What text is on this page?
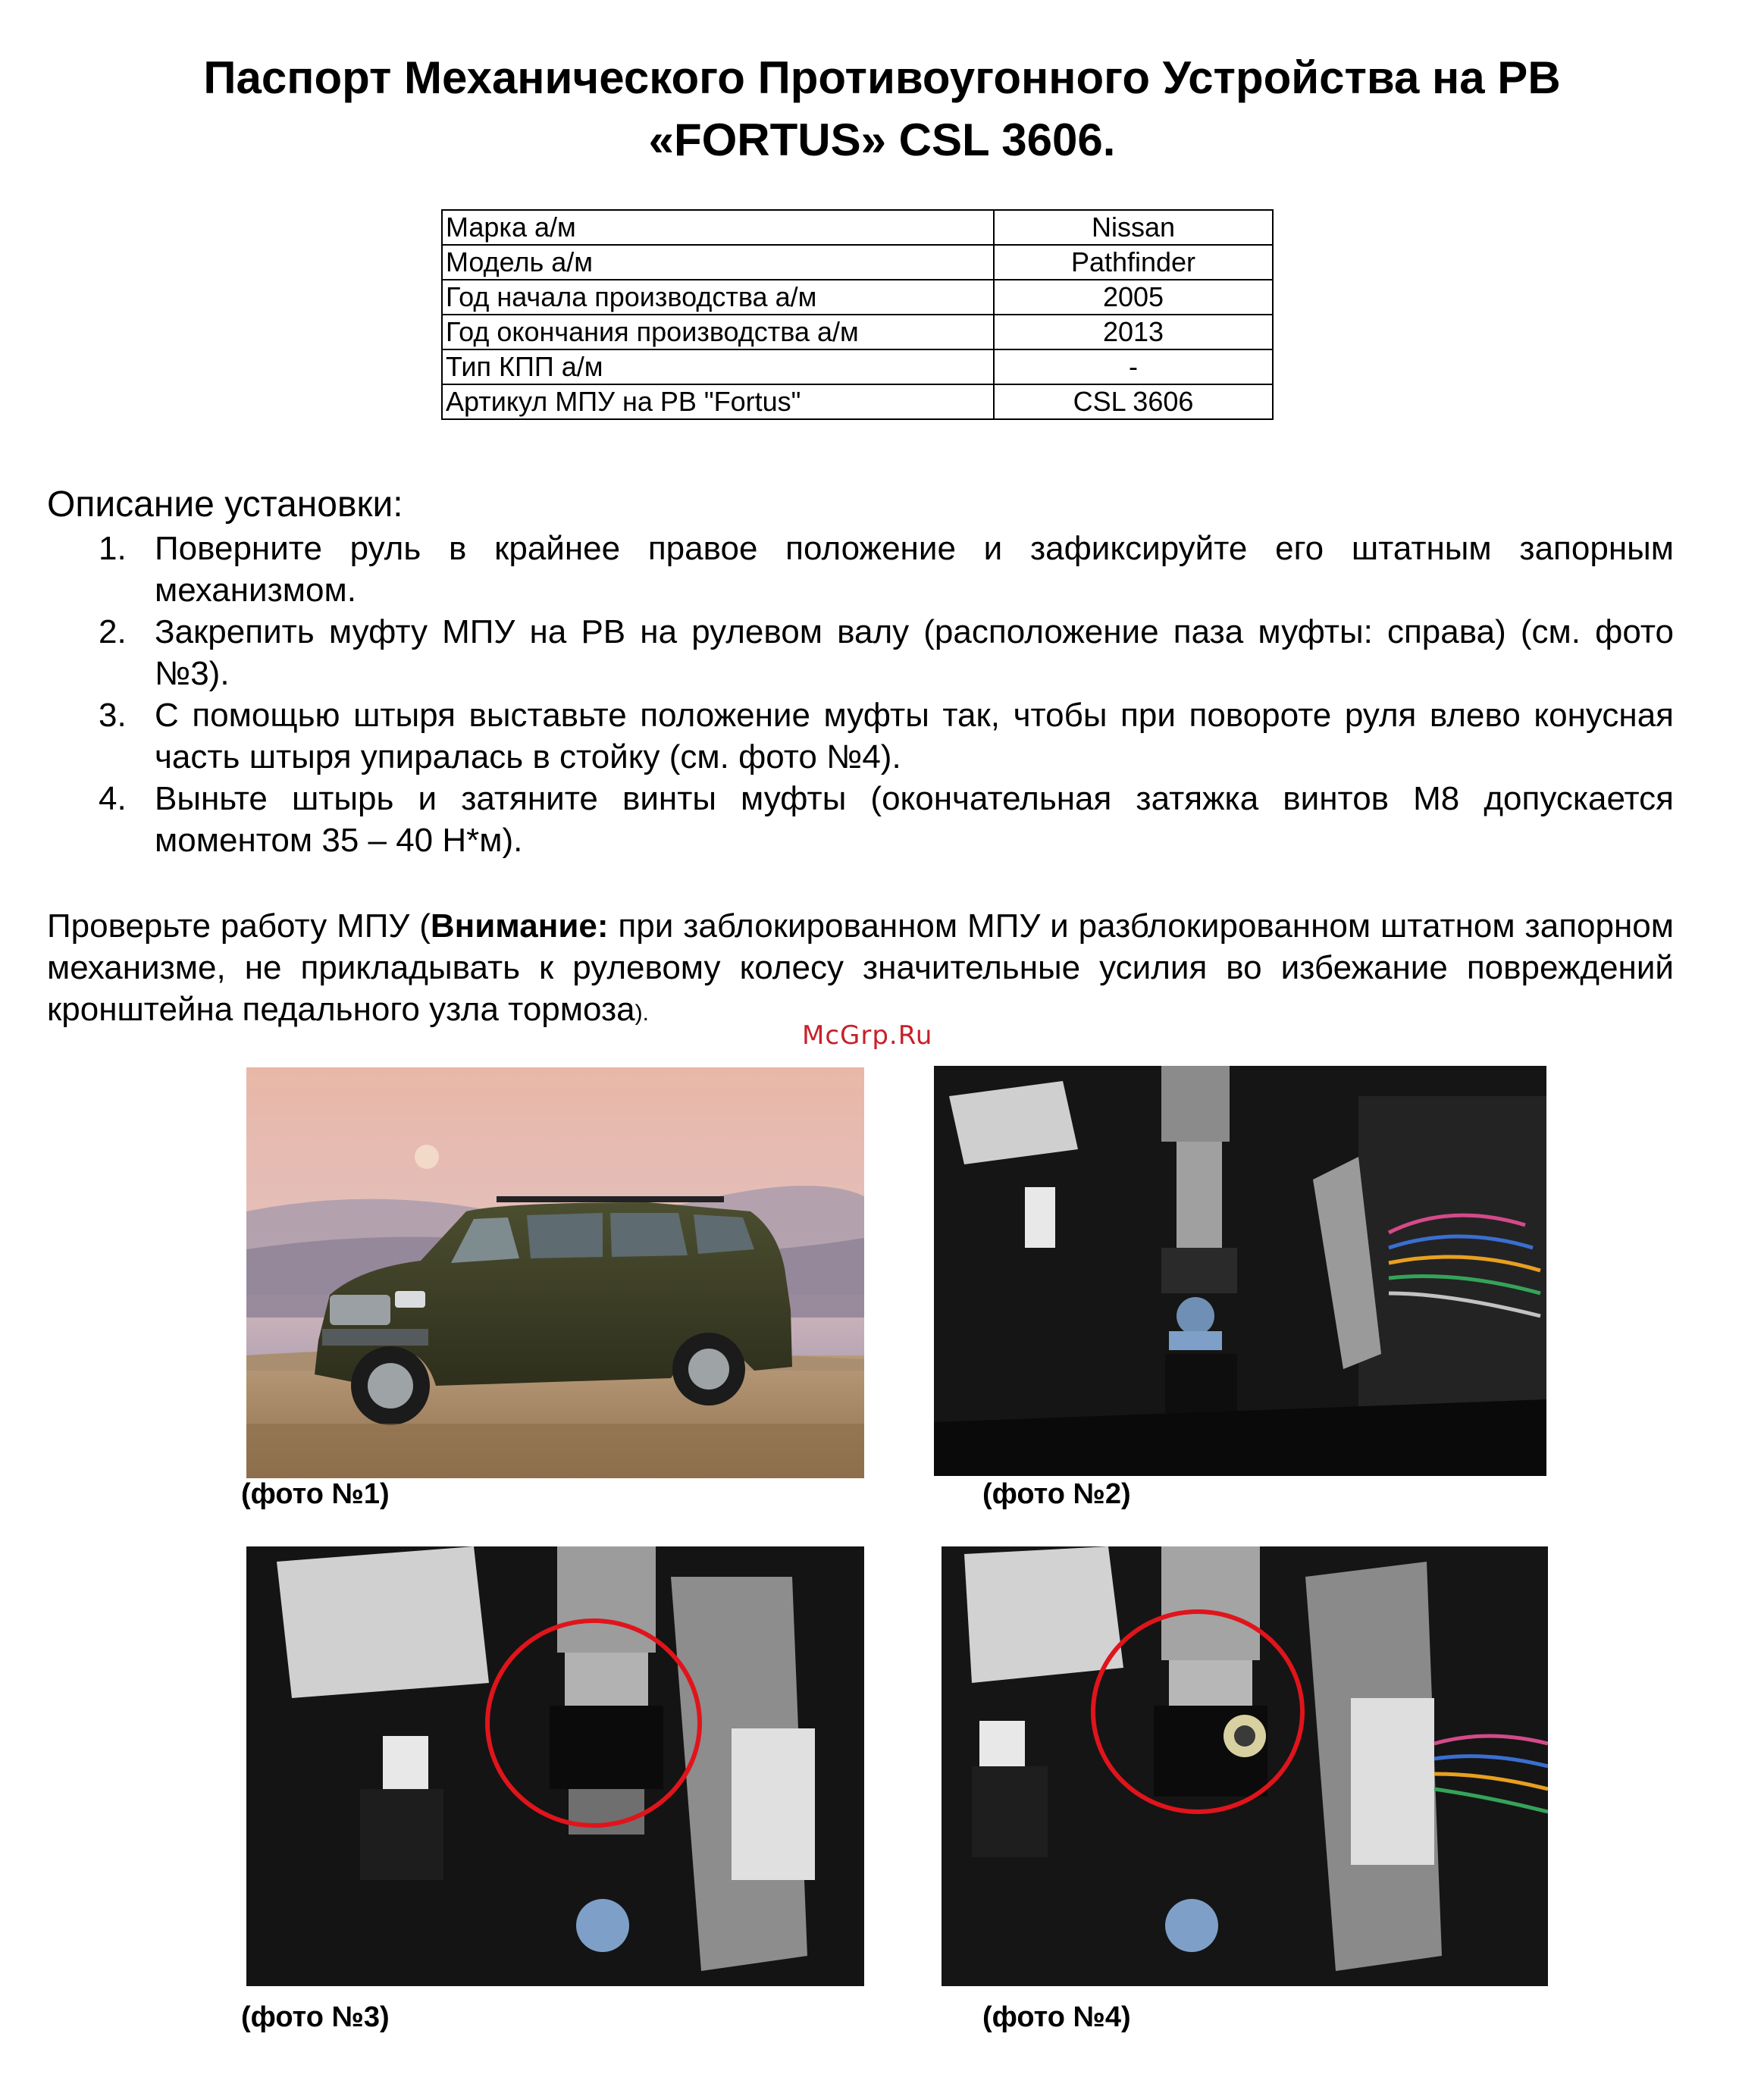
Паспорт Механического Противоугонного Устройства на РВ
«FORTUS» CSL 3606.
Марка а/м	Nissan
Модель а/м	Pathfinder
Год начала производства а/м	2005
Год окончания производства а/м	2013
Тип КПП а/м	-
Артикул МПУ на РВ "Fortus"	CSL 3606
Описание установки:
1. Поверните руль в крайнее правое положение и зафиксируйте его штатным запорным механизмом.
2. Закрепить муфту МПУ на РВ на рулевом валу (расположение паза муфты: справа) (см. фото №3).
3. С помощью штыря выставьте положение муфты так, чтобы при повороте руля влево конусная часть штыря упиралась в стойку (см. фото №4).
4. Выньте штырь и затяните винты муфты (окончательная затяжка винтов М8 допускается моментом 35 – 40 Н*м).
Проверьте работу МПУ (Внимание: при заблокированном МПУ и разблокированном штатном запорном механизме, не прикладывать к рулевому колесу значительные усилия во избежание повреждений кронштейна педального узла тормоза).
McGrp.Ru
(фото №1)	(фото №2)
(фото №3)	(фото №4)
